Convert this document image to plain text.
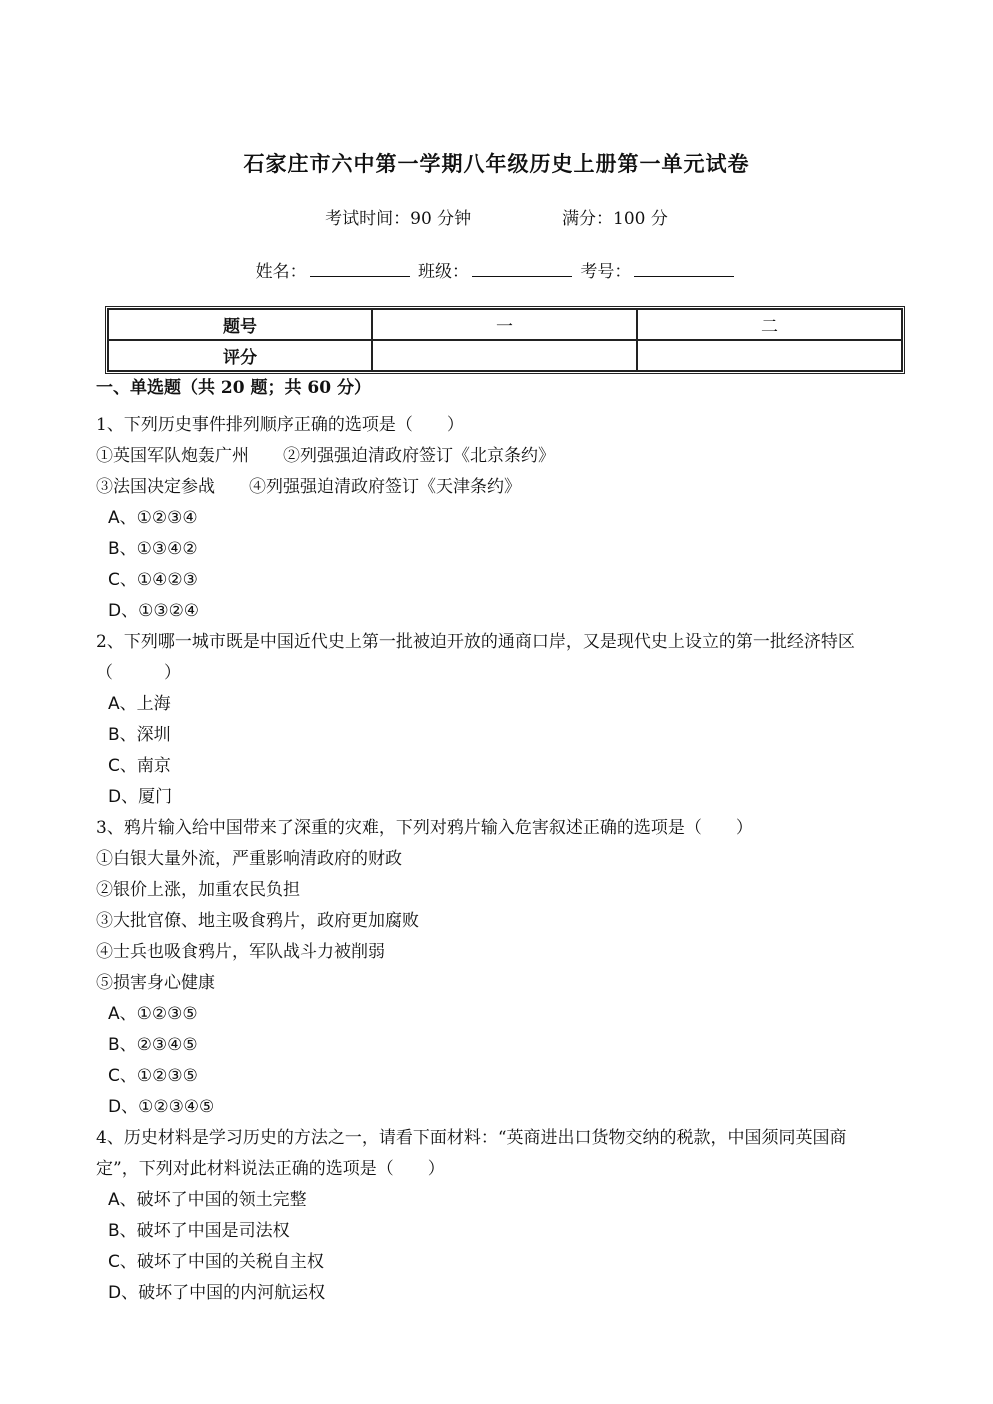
石家庄市六中第一学期八年级历史上册第一单元试卷
考试时间：90 分钟	满分：100 分
姓名：	班级：	考号：
题号	一	二
评分		
一、单选题（共 20 题；共 60 分）
1、下列历史事件排列顺序正确的选项是（　　）
①英国军队炮轰广州　　②列强强迫清政府签订《北京条约》
③法国决定参战　　④列强强迫清政府签订《天津条约》
A、①②③④
B、①③④②
C、①④②③
D、①③②④
2、下列哪一城市既是中国近代史上第一批被迫开放的通商口岸，又是现代史上设立的第一批经济特区
（　　　）
A、上海
B、深圳
C、南京
D、厦门
3、鸦片输入给中国带来了深重的灾难，下列对鸦片输入危害叙述正确的选项是（　　）
①白银大量外流，严重影响清政府的财政
②银价上涨，加重农民负担
③大批官僚、地主吸食鸦片，政府更加腐败
④士兵也吸食鸦片，军队战斗力被削弱
⑤损害身心健康
A、①②③⑤
B、②③④⑤
C、①②③⑤
D、①②③④⑤
4、历史材料是学习历史的方法之一，请看下面材料：“英商进出口货物交纳的税款，中国须同英国商
定”，下列对此材料说法正确的选项是（　　）
A、破坏了中国的领土完整
B、破坏了中国是司法权
C、破坏了中国的关税自主权
D、破坏了中国的内河航运权
